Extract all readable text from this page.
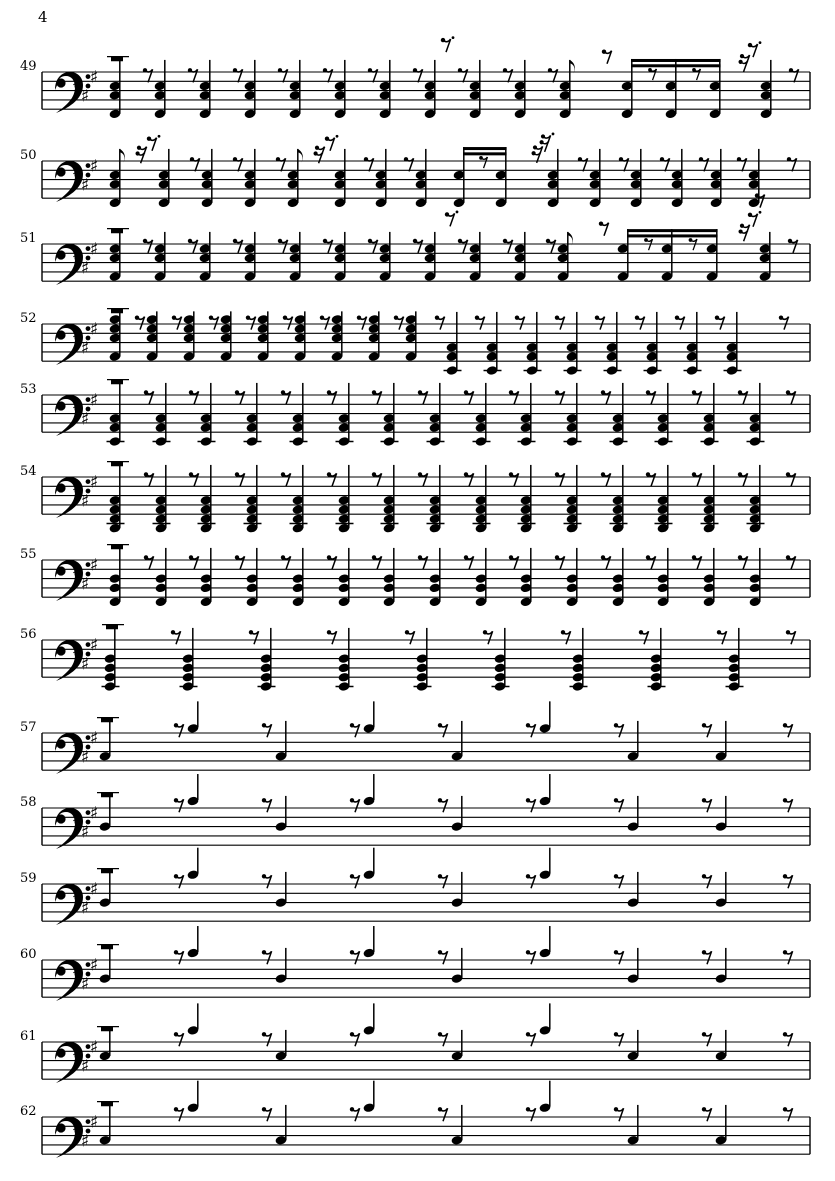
4
49
♯
♯
♯
50
♯
♯
♯
51
♯
♯
♯
52
♯
♯
♯
53
♯
♯
♯
54
♯
♯
♯
55
♯
♯
♯
56
♯
♯
♯
57
♯
♯
♯
58
♯
♯
♯
59
♯
♯
♯
60
♯
♯
♯
61
♯
♯
♯
62
♯
♯
♯
